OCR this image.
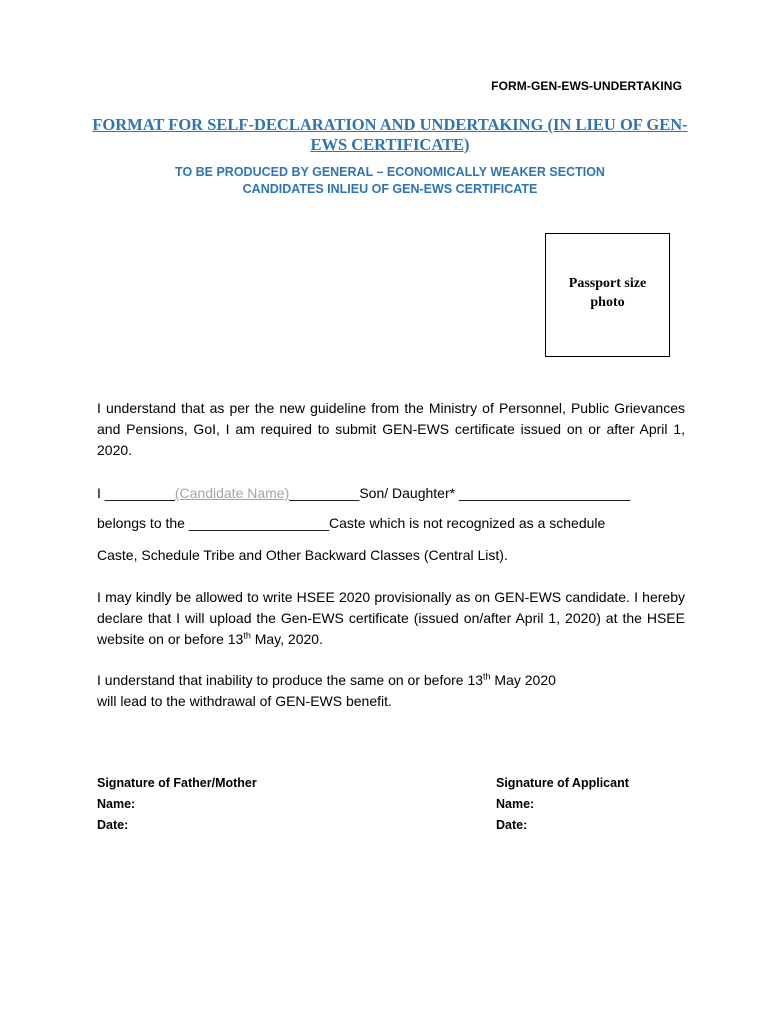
FORM-GEN-EWS-UNDERTAKING
FORMAT FOR SELF-DECLARATION AND UNDERTAKING (IN LIEU OF GEN-EWS CERTIFICATE)
TO BE PRODUCED BY GENERAL – ECONOMICALLY WEAKER SECTION
CANDIDATES INLIEU OF GEN-EWS CERTIFICATE
Passport size
photo
I understand that as per the new guideline from the Ministry of Personnel, Public Grievances and Pensions, GoI, I am required to submit GEN-EWS certificate issued on or after April 1, 2020.
I _________(Candidate Name)_________Son/ Daughter* ______________________
belongs to the __________________Caste which is not recognized as a schedule
Caste, Schedule Tribe and Other Backward Classes (Central List).
I may kindly be allowed to write HSEE 2020 provisionally as on GEN-EWS candidate. I hereby declare that I will upload the Gen-EWS certificate (issued on/after April 1, 2020) at the HSEE website on or before 13th May, 2020.
I understand that inability to produce the same on or before 13th May 2020
will lead to the withdrawal of GEN-EWS benefit.
Signature of Father/Mother
Name:
Date:
Signature of Applicant
Name:
Date:
